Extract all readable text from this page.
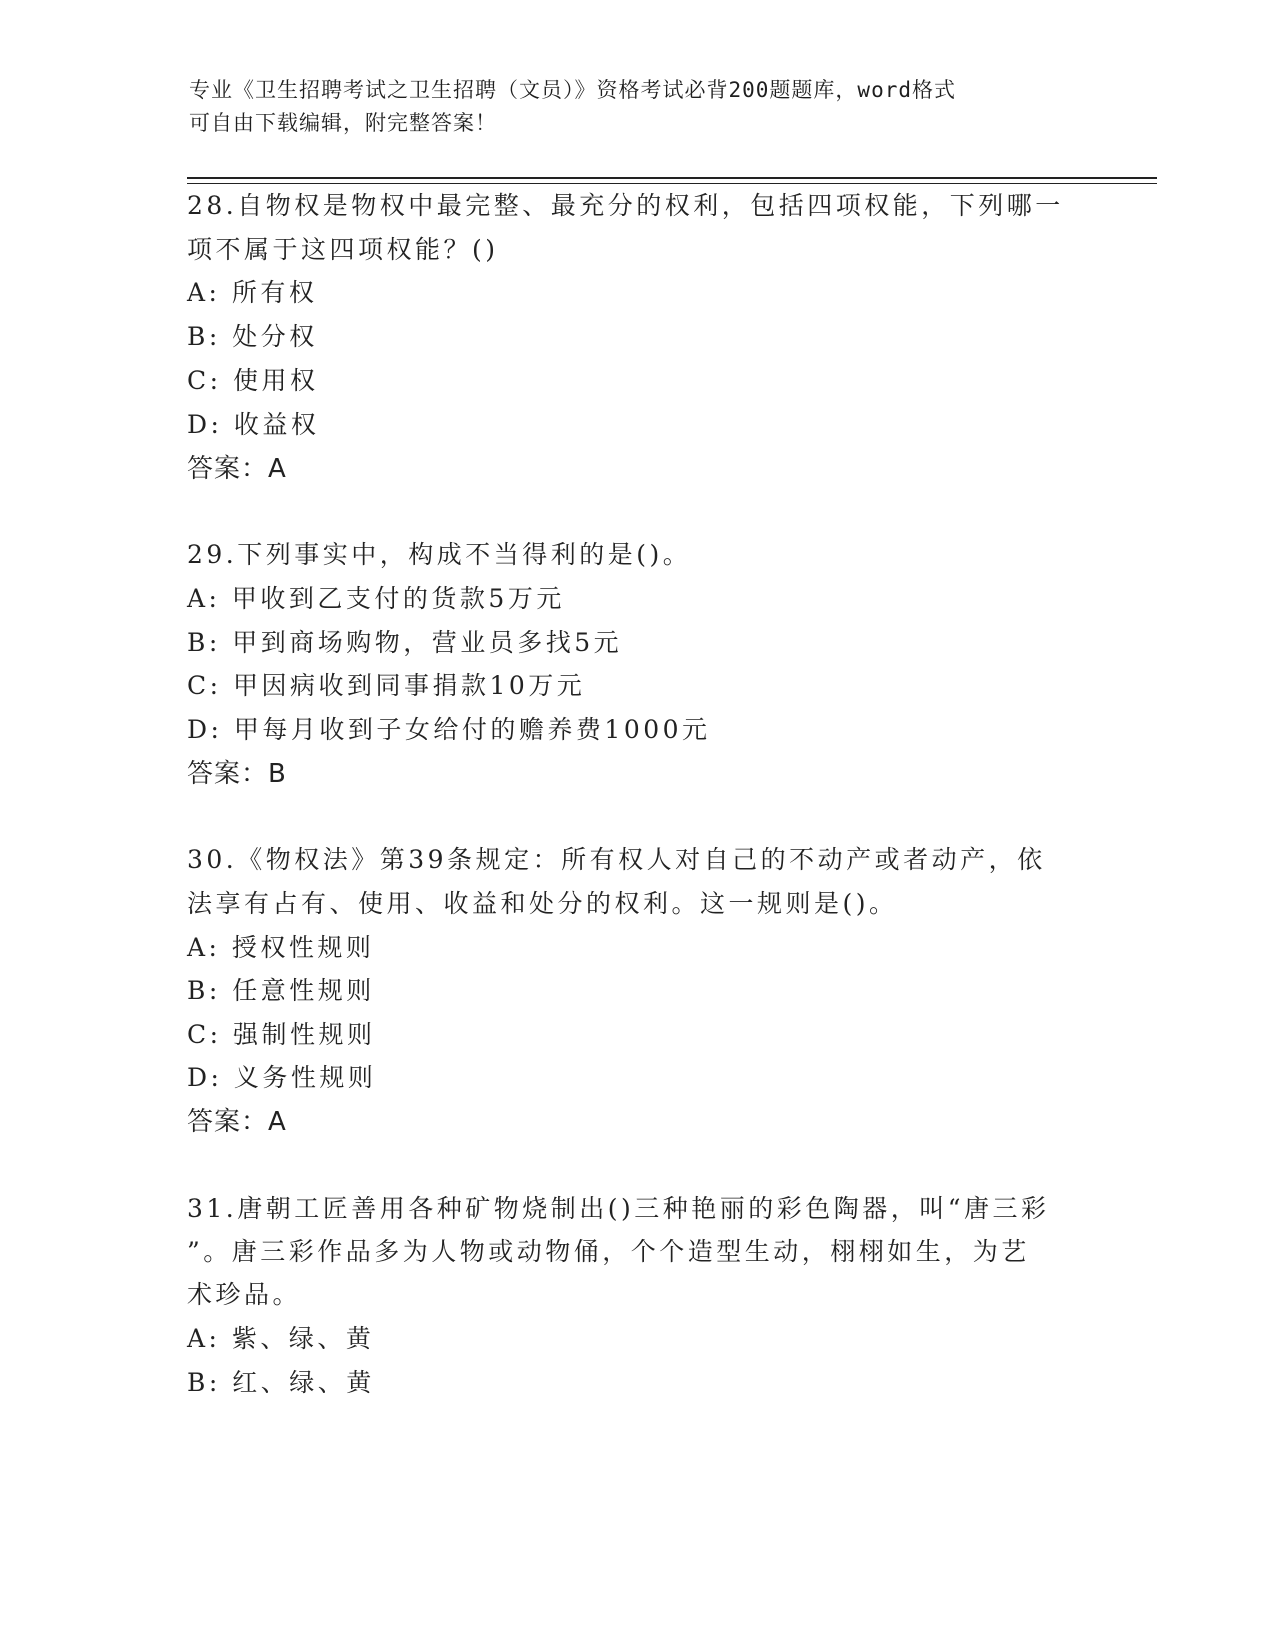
专业《卫生招聘考试之卫生招聘（文员）》资格考试必背200题题库，word格式
可自由下载编辑，附完整答案！
28.自物权是物权中最完整、最充分的权利，包括四项权能，下列哪一
项不属于这四项权能？()
A: 所有权
B: 处分权
C: 使用权
D: 收益权
答案：A
29.下列事实中，构成不当得利的是()。
A: 甲收到乙支付的货款5万元
B: 甲到商场购物，营业员多找5元
C: 甲因病收到同事捐款10万元
D: 甲每月收到子女给付的赡养费1000元
答案：B
30.《物权法》第39条规定：所有权人对自己的不动产或者动产，依
法享有占有、使用、收益和处分的权利。这一规则是()。
A: 授权性规则
B: 任意性规则
C: 强制性规则
D: 义务性规则
答案：A
31.唐朝工匠善用各种矿物烧制出()三种艳丽的彩色陶器，叫“唐三彩
”。唐三彩作品多为人物或动物俑，个个造型生动，栩栩如生，为艺
术珍品。
A: 紫、绿、黄
B: 红、绿、黄
